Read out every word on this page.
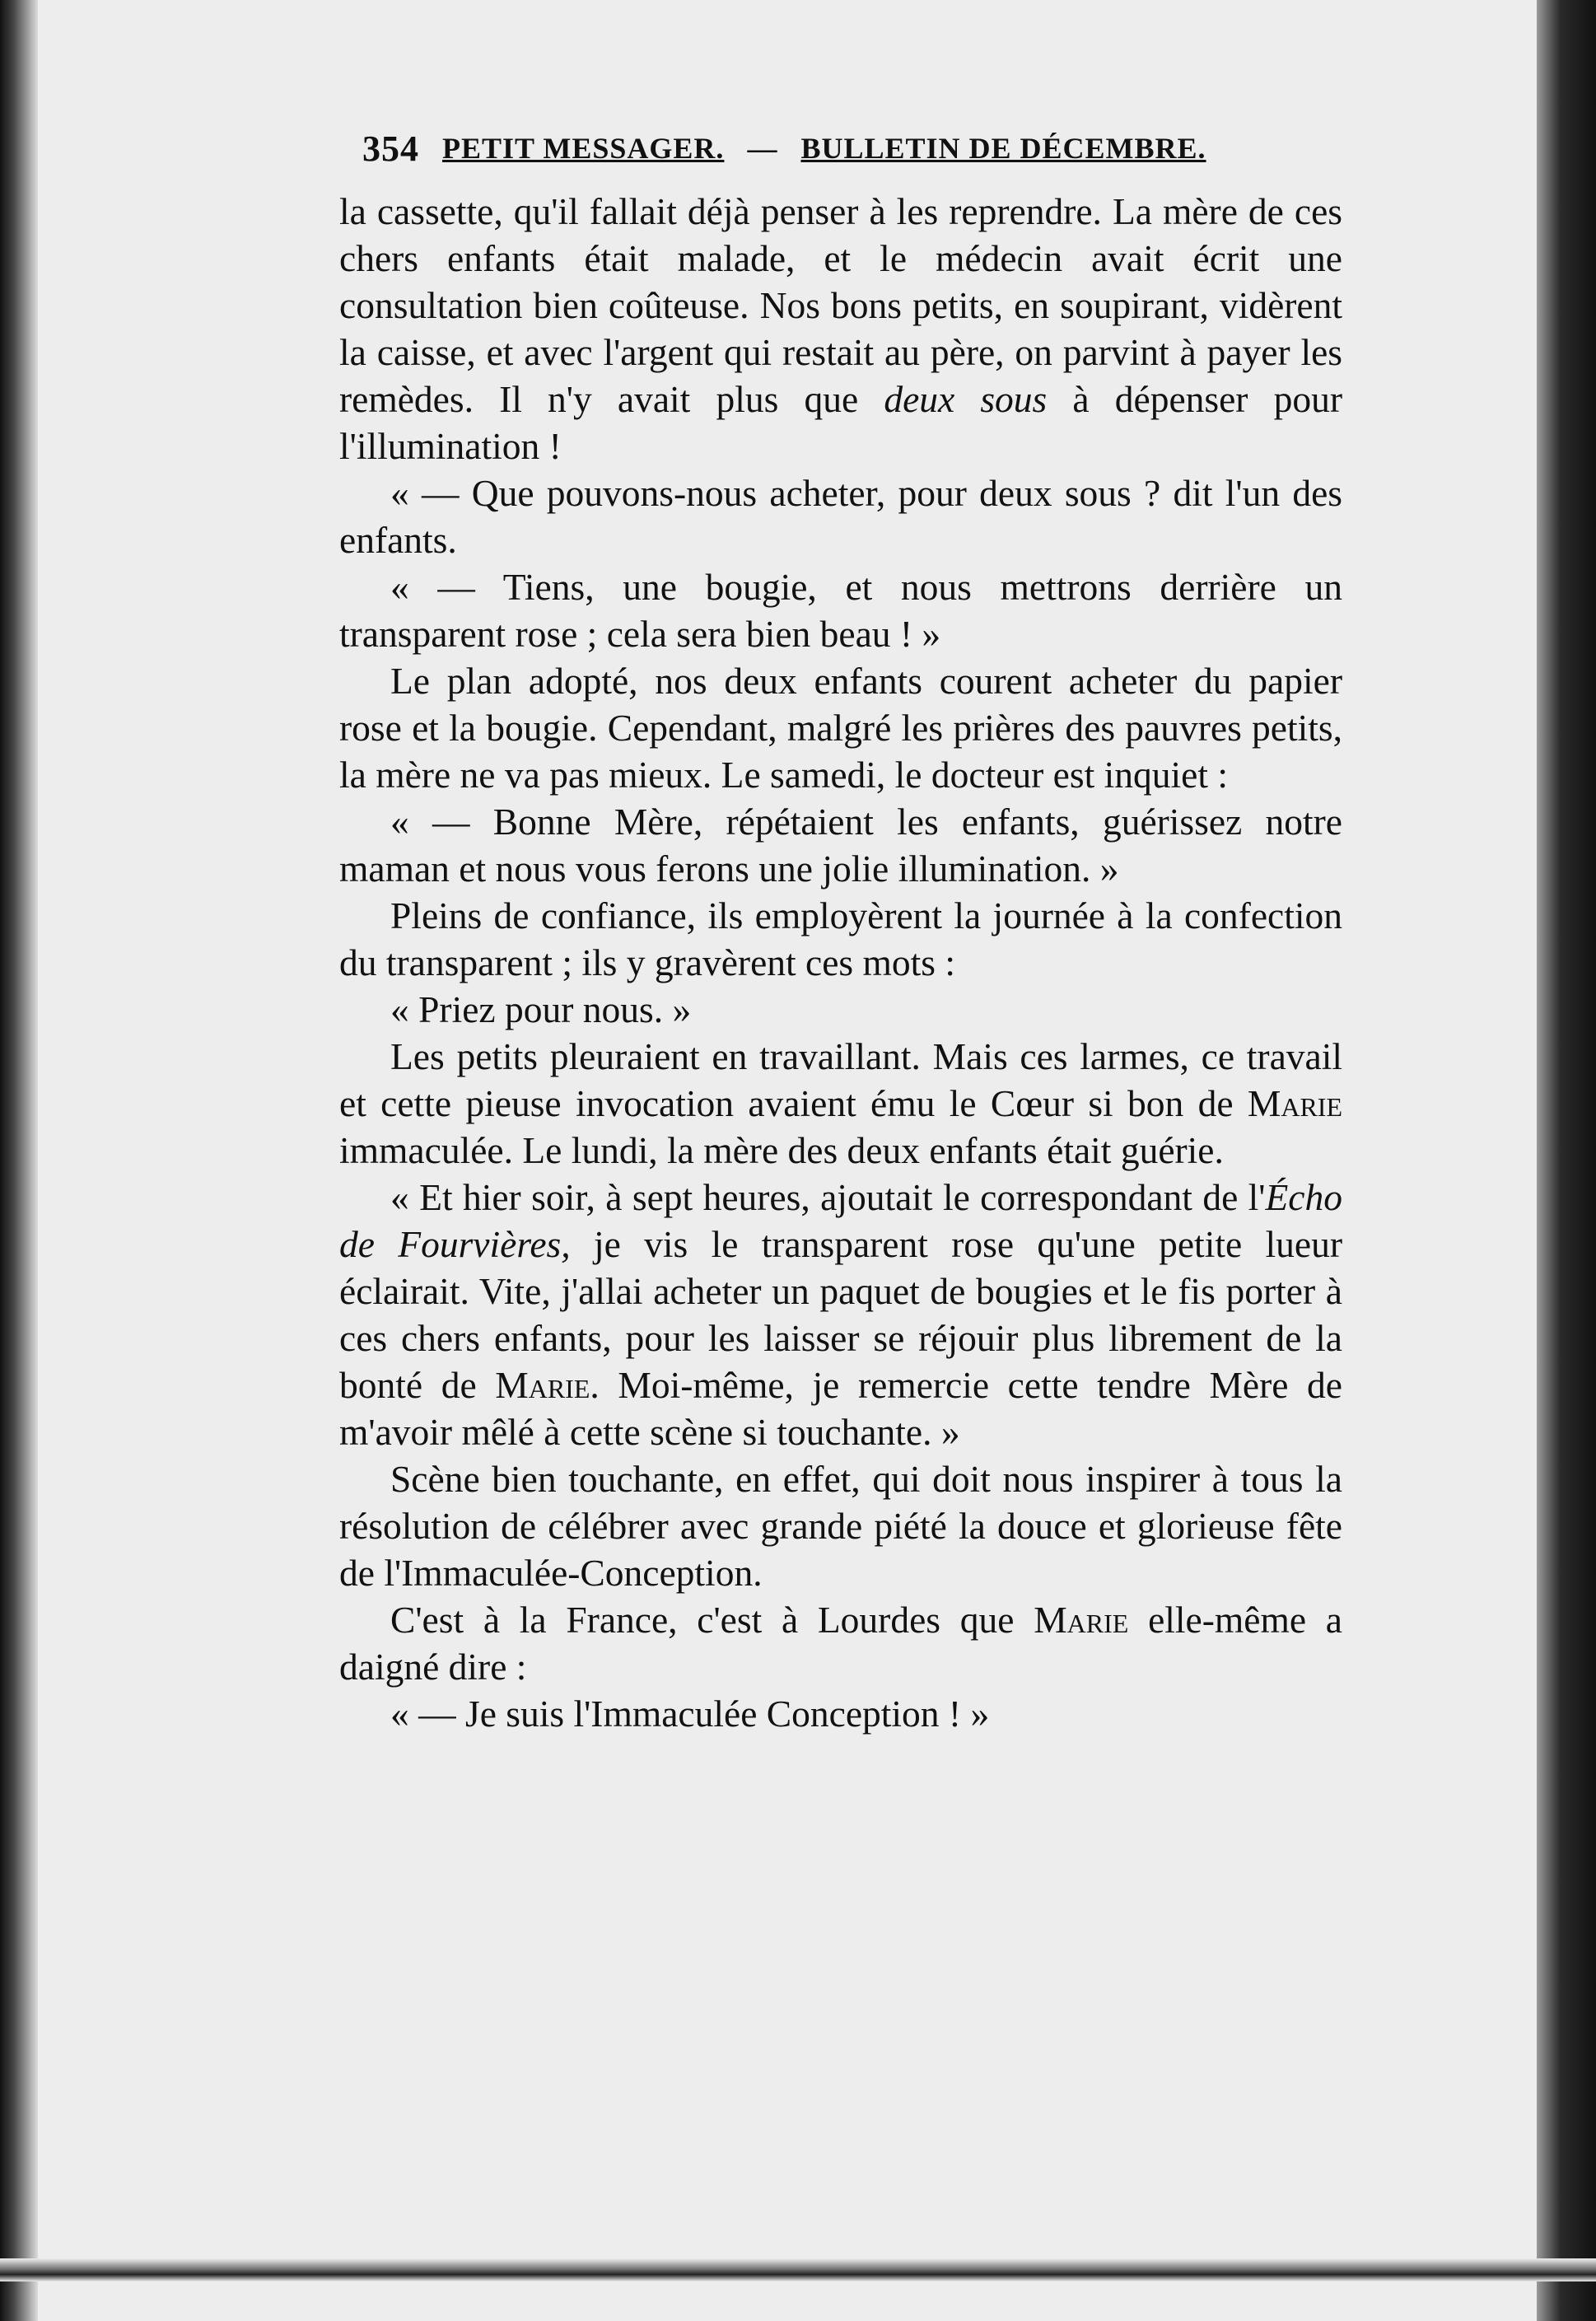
354 PETIT MESSAGER. — BULLETIN DE DÉCEMBRE.

la cassette, qu'il fallait déjà penser à les reprendre. La mère de ces chers enfants était malade, et le médecin avait écrit une consultation bien coûteuse. Nos bons petits, en soupirant, vidèrent la caisse, et avec l'argent qui restait au père, on parvint à payer les remèdes. Il n'y avait plus que deux sous à dépenser pour l'illumination !

« — Que pouvons-nous acheter, pour deux sous ? dit l'un des enfants.

« — Tiens, une bougie, et nous mettrons derrière un transparent rose ; cela sera bien beau ! »

Le plan adopté, nos deux enfants courent acheter du papier rose et la bougie. Cependant, malgré les prières des pauvres petits, la mère ne va pas mieux. Le samedi, le docteur est inquiet :

« — Bonne Mère, répétaient les enfants, guérissez notre maman et nous vous ferons une jolie illumination. »

Pleins de confiance, ils employèrent la journée à la confection du transparent ; ils y gravèrent ces mots :

« Priez pour nous. »

Les petits pleuraient en travaillant. Mais ces larmes, ce travail et cette pieuse invocation avaient ému le Cœur si bon de Marie immaculée. Le lundi, la mère des deux enfants était guérie.

« Et hier soir, à sept heures, ajoutait le correspondant de l'Écho de Fourvières, je vis le transparent rose qu'une petite lueur éclairait. Vite, j'allai acheter un paquet de bougies et le fis porter à ces chers enfants, pour les laisser se réjouir plus librement de la bonté de Marie. Moi-même, je remercie cette tendre Mère de m'avoir mêlé à cette scène si touchante. »

Scène bien touchante, en effet, qui doit nous inspirer à tous la résolution de célébrer avec grande piété la douce et glorieuse fête de l'Immaculée-Conception.

C'est à la France, c'est à Lourdes que Marie elle-même a daigné dire :

« — Je suis l'Immaculée Conception ! »
